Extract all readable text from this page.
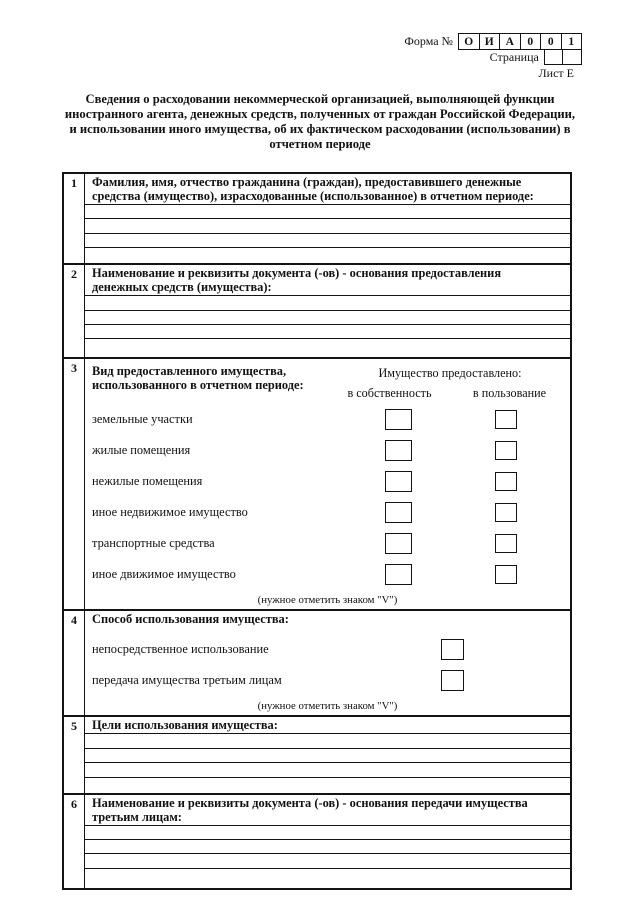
Форма № О	И	А	0	0	1
Страница
Лист Е
Сведения о расходовании некоммерческой организацией, выполняющей функции иностранного агента, денежных средств, полученных от граждан Российской Федерации, и использовании иного имущества, об их фактическом расходовании (использовании) в отчетном периоде
1	Фамилия, имя, отчество гражданина (граждан), предоставившего денежные средства (имущество), израсходованные (использованное) в отчетном периоде:
2	Наименование и реквизиты документа (-ов) - основания предоставления денежных средств (имущества):
3	Вид предоставленного имущества, использованного в отчетном периоде:
Имущество предоставлено:
в собственность	в пользование
земельные участки
жилые помещения
нежилые помещения
иное недвижимое имущество
транспортные средства
иное движимое имущество
(нужное отметить знаком "V")
4	Способ использования имущества:
непосредственное использование
передача имущества третьим лицам
(нужное отметить знаком "V")
5	Цели использования имущества:
6	Наименование и реквизиты документа (-ов) - основания передачи имущества третьим лицам:
